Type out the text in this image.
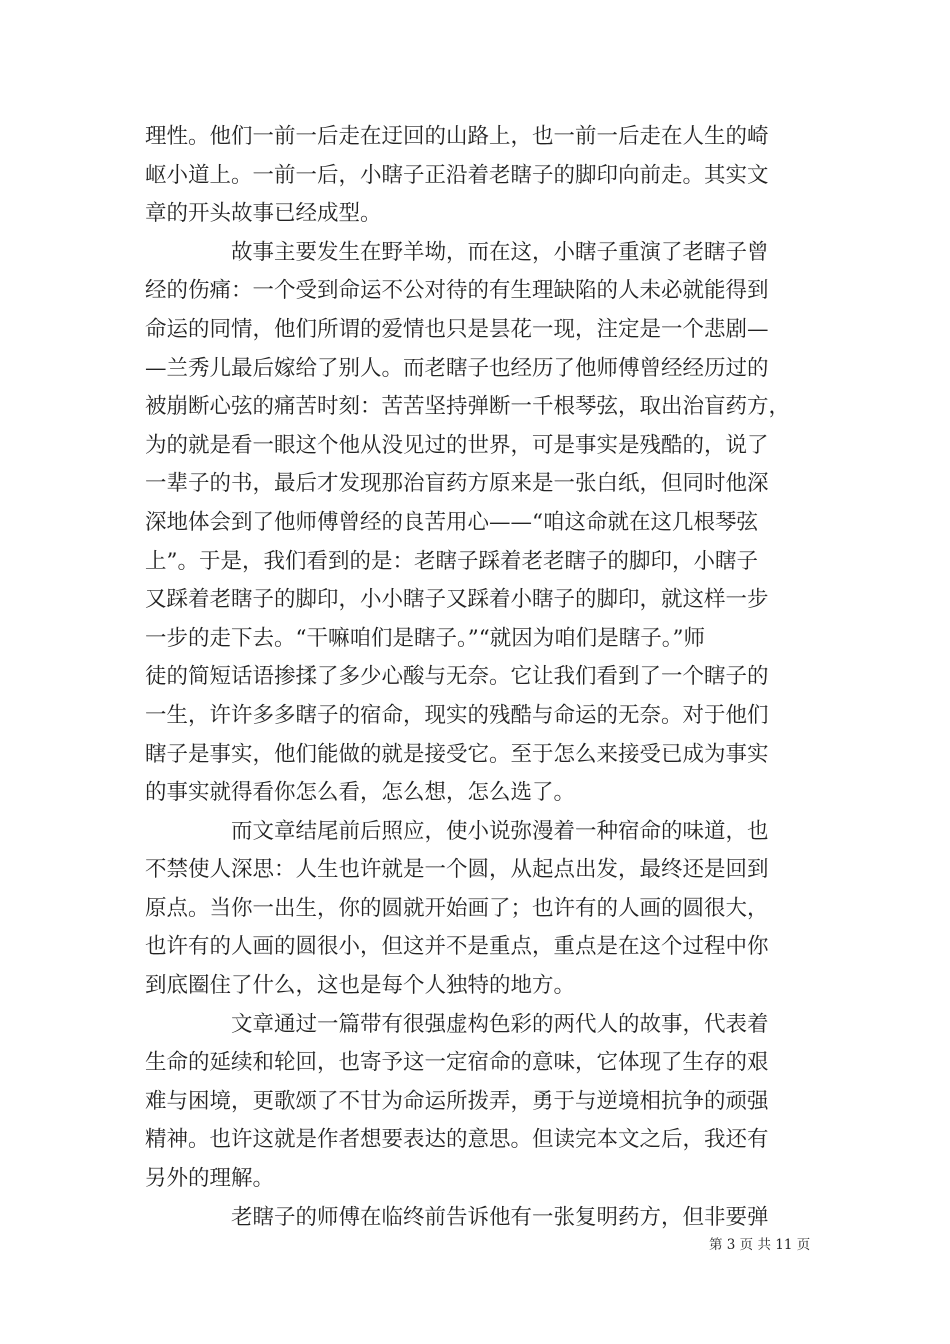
理性。他们一前一后走在迂回的山路上，也一前一后走在人生的崎
岖小道上。一前一后，小瞎子正沿着老瞎子的脚印向前走。其实文
章的开头故事已经成型。
　　　　故事主要发生在野羊坳，而在这，小瞎子重演了老瞎子曾
经的伤痛：一个受到命运不公对待的有生理缺陷的人未必就能得到
命运的同情，他们所谓的爱情也只是昙花一现，注定是一个悲剧—
—兰秀儿最后嫁给了别人。而老瞎子也经历了他师傅曾经经历过的
被崩断心弦的痛苦时刻：苦苦坚持弹断一千根琴弦，取出治盲药方，
为的就是看一眼这个他从没见过的世界，可是事实是残酷的，说了
一辈子的书，最后才发现那治盲药方原来是一张白纸，但同时他深
深地体会到了他师傅曾经的良苦用心——“咱这命就在这几根琴弦
上”。于是，我们看到的是：老瞎子踩着老老瞎子的脚印，小瞎子
又踩着老瞎子的脚印，小小瞎子又踩着小瞎子的脚印，就这样一步
一步的走下去。“干嘛咱们是瞎子。”“就因为咱们是瞎子。”师
徒的简短话语掺揉了多少心酸与无奈。它让我们看到了一个瞎子的
一生，许许多多瞎子的宿命，现实的残酷与命运的无奈。对于他们
瞎子是事实，他们能做的就是接受它。至于怎么来接受已成为事实
的事实就得看你怎么看，怎么想，怎么选了。
　　　　而文章结尾前后照应，使小说弥漫着一种宿命的味道，也
不禁使人深思：人生也许就是一个圆，从起点出发，最终还是回到
原点。当你一出生，你的圆就开始画了；也许有的人画的圆很大，
也许有的人画的圆很小，但这并不是重点，重点是在这个过程中你
到底圈住了什么，这也是每个人独特的地方。
　　　　文章通过一篇带有很强虚构色彩的两代人的故事，代表着
生命的延续和轮回，也寄予这一定宿命的意味，它体现了生存的艰
难与困境，更歌颂了不甘为命运所拨弄，勇于与逆境相抗争的顽强
精神。也许这就是作者想要表达的意思。但读完本文之后，我还有
另外的理解。
　　　　老瞎子的师傅在临终前告诉他有一张复明药方，但非要弹
第 3 页 共 11 页
